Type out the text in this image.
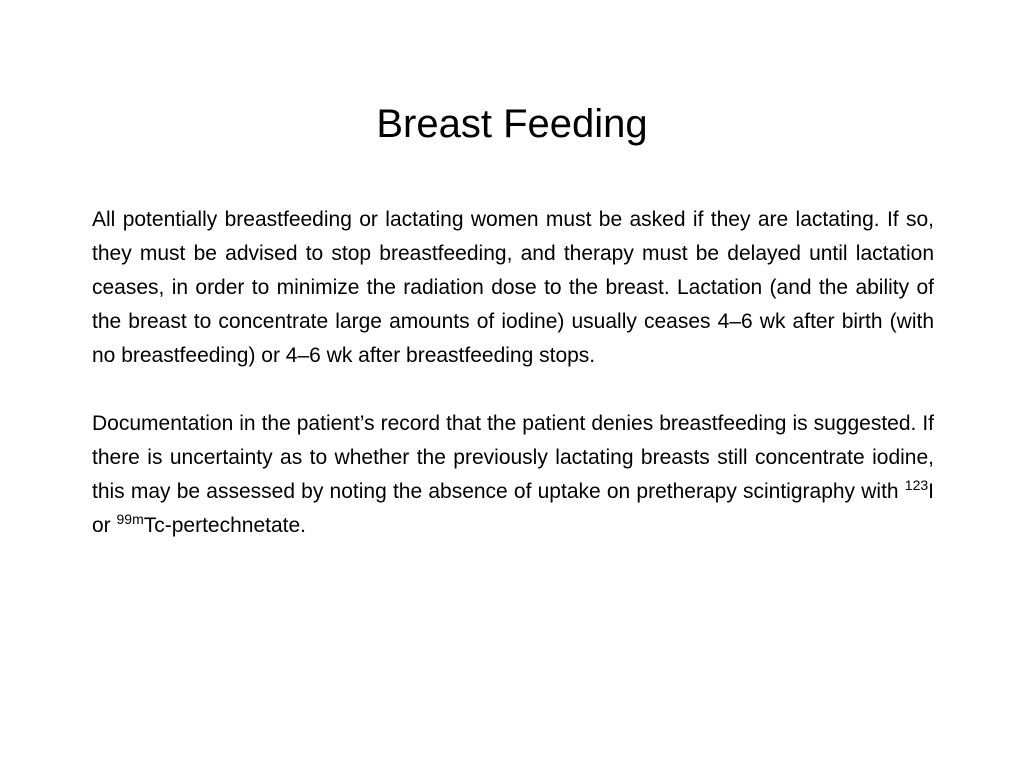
Breast Feeding

All potentially breastfeeding or lactating women must be asked if they are lactating. If so, they must be advised to stop breastfeeding, and therapy must be delayed until lactation ceases, in order to minimize the radiation dose to the breast. Lactation (and the ability of the breast to concentrate large amounts of iodine) usually ceases 4–6 wk after birth (with no breastfeeding) or 4–6 wk after breastfeeding stops.

Documentation in the patient’s record that the patient denies breastfeeding is suggested. If there is uncertainty as to whether the previously lactating breasts still concentrate iodine, this may be assessed by noting the absence of uptake on pretherapy scintigraphy with $^{123}$I or $^{99m}$Tc-pertechnetate.
